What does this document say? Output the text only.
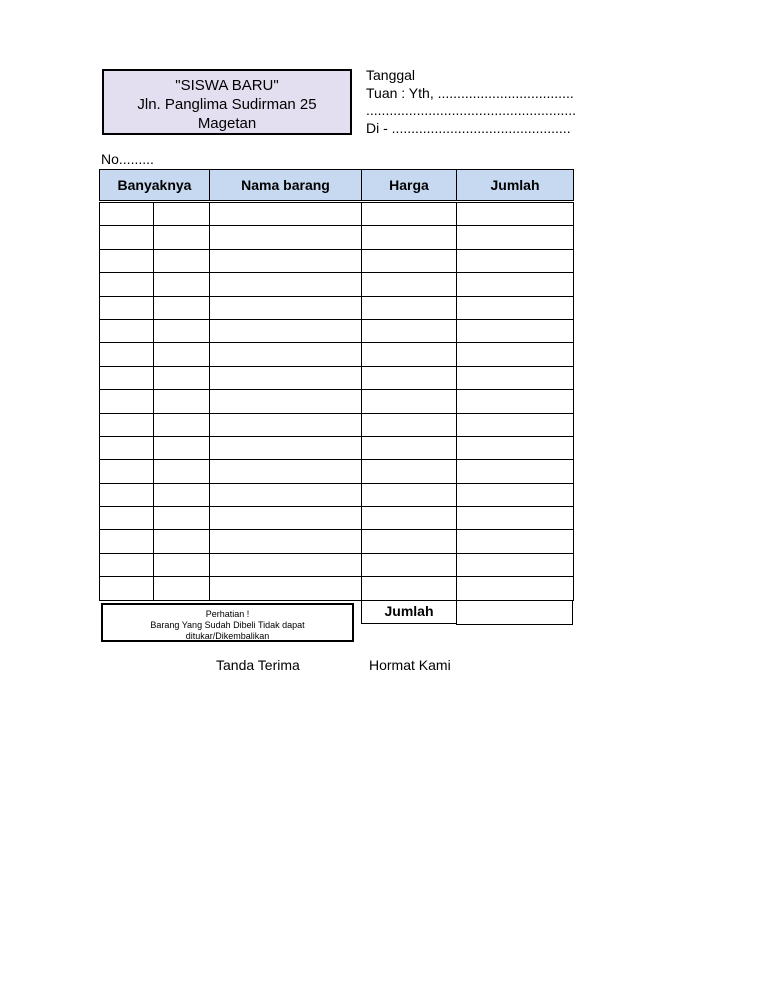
"SISWA BARU"
Jln. Panglima Sudirman 25
Magetan
Tanggal
Tuan : Yth, ...................................
......................................................
Di - ..............................................
No.........
Banyaknya		Nama barang	Harga	Jumlah

Perhatian !
Barang Yang Sudah Dibeli Tidak dapat
ditukar/Dikembalikan
Jumlah
Tanda Terima	Hormat Kami
